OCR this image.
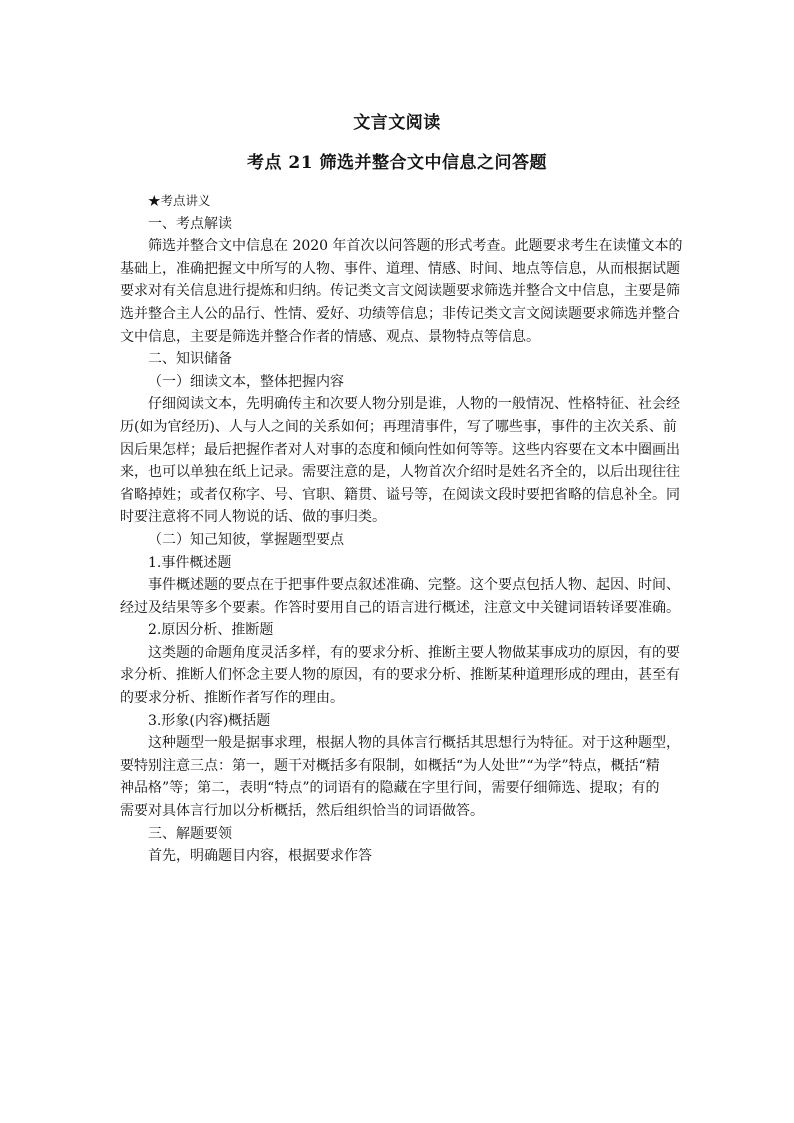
文言文阅读
考点 21 筛选并整合文中信息之问答题
★考点讲义
一、考点解读
筛选并整合文中信息在 2020 年首次以问答题的形式考查。此题要求考生在读懂文本的
基础上，准确把握文中所写的人物、事件、道理、情感、时间、地点等信息，从而根据试题
要求对有关信息进行提炼和归纳。传记类文言文阅读题要求筛选并整合文中信息，主要是筛
选并整合主人公的品行、性情、爱好、功绩等信息；非传记类文言文阅读题要求筛选并整合
文中信息，主要是筛选并整合作者的情感、观点、景物特点等信息。
二、知识储备
（一）细读文本，整体把握内容
仔细阅读文本，先明确传主和次要人物分别是谁，人物的一般情况、性格特征、社会经
历(如为官经历)、人与人之间的关系如何；再理清事件，写了哪些事，事件的主次关系、前
因后果怎样；最后把握作者对人对事的态度和倾向性如何等等。这些内容要在文本中圈画出
来，也可以单独在纸上记录。需要注意的是，人物首次介绍时是姓名齐全的，以后出现往往
省略掉姓；或者仅称字、号、官职、籍贯、谥号等，在阅读文段时要把省略的信息补全。同
时要注意将不同人物说的话、做的事归类。
（二）知己知彼，掌握题型要点
1.事件概述题
事件概述题的要点在于把事件要点叙述准确、完整。这个要点包括人物、起因、时间、
经过及结果等多个要素。作答时要用自己的语言进行概述，注意文中关键词语转译要准确。
2.原因分析、推断题
这类题的命题角度灵活多样，有的要求分析、推断主要人物做某事成功的原因，有的要
求分析、推断人们怀念主要人物的原因，有的要求分析、推断某种道理形成的理由，甚至有
的要求分析、推断作者写作的理由。
3.形象(内容)概括题
这种题型一般是据事求理，根据人物的具体言行概括其思想行为特征。对于这种题型，
要特别注意三点：第一，题干对概括多有限制，如概括“为人处世”“为学”特点，概括“精
神品格”等；第二，表明“特点”的词语有的隐藏在字里行间，需要仔细筛选、提取；有的
需要对具体言行加以分析概括，然后组织恰当的词语做答。
三、解题要领
首先，明确题目内容，根据要求作答
